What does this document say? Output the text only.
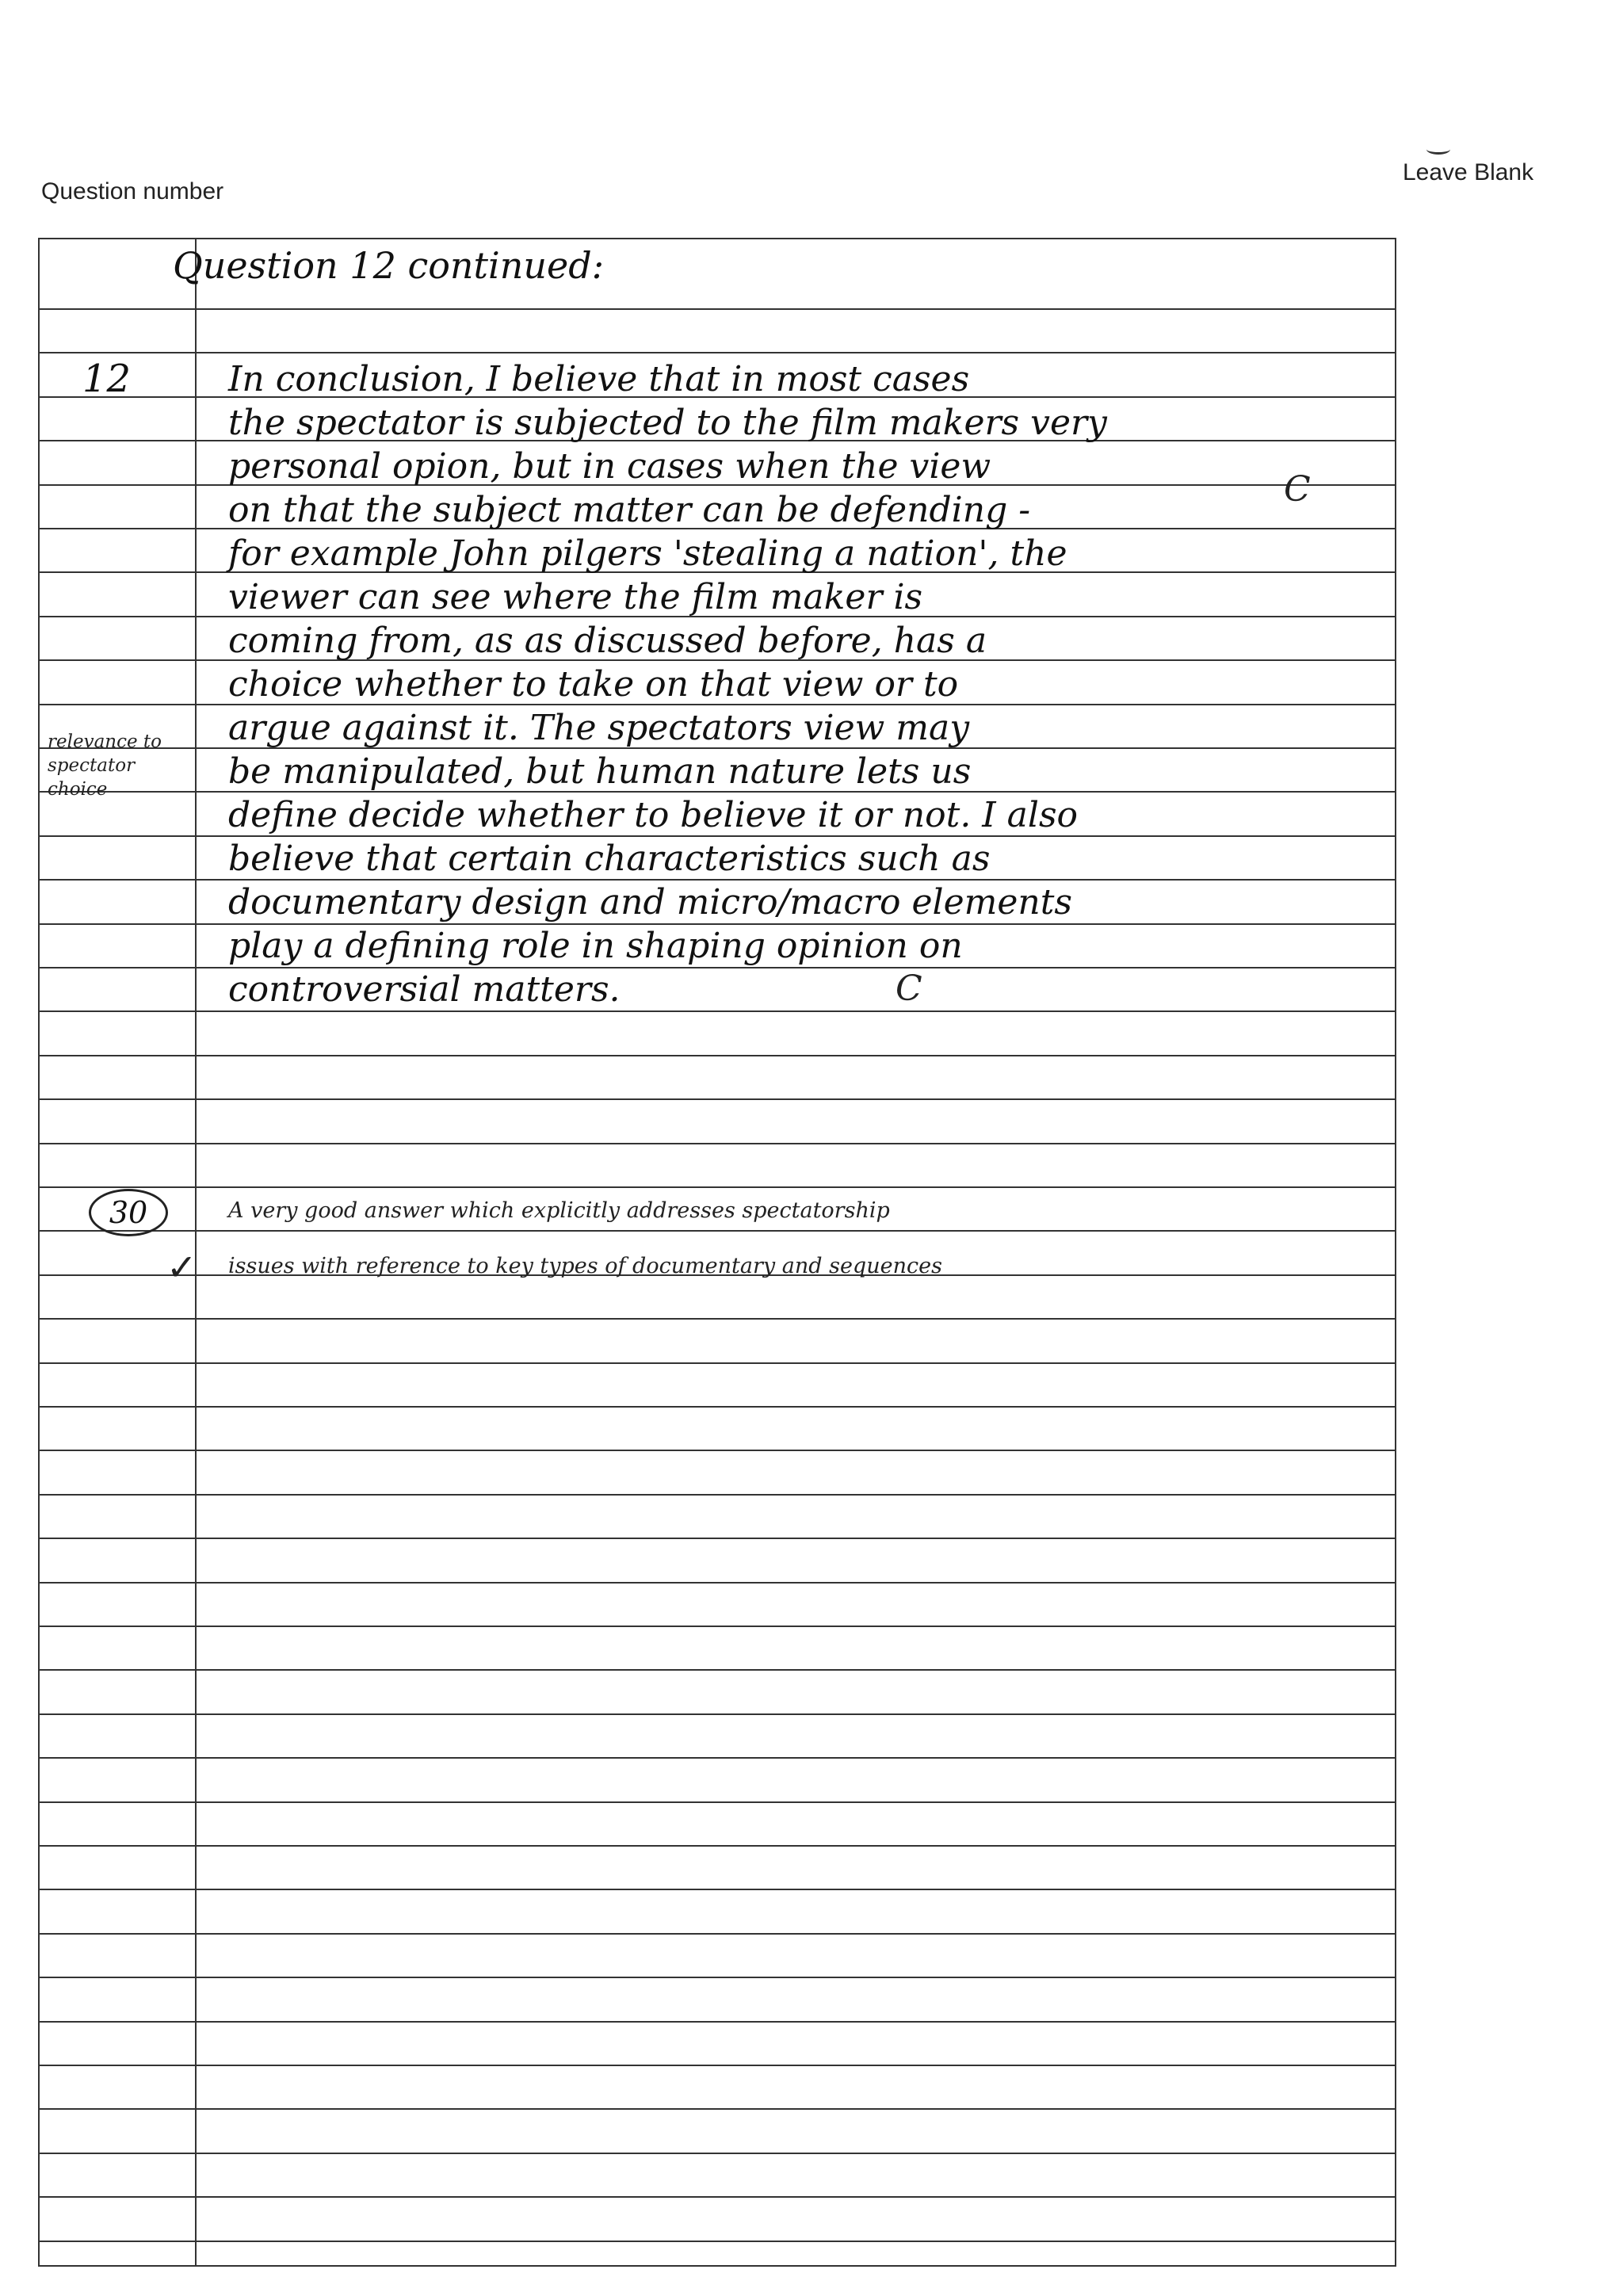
Question number
Leave Blank
Question 12 continued:
12	In conclusion, I believe that in most cases
the spectator is subjected to the film makers very
personal opion, but in cases when the view
on that the subject matter can be defending -
for example John pilgers 'stealing a nation', the
viewer can see where the film maker is
coming from, as as discussed before, has a
choice whether to take on that view or to
argue against it. The spectators view may
be manipulated, but human nature lets us
define decide whether to believe it or not. I also
believe that certain characteristics such as
documentary design and micro/macro elements
play a defining role in shaping opinion on
controversial matters.
C
C
relevance to spectator choice
30
✓
A very good answer which explicitly addresses spectatorship
issues with reference to key types of documentary and sequences
